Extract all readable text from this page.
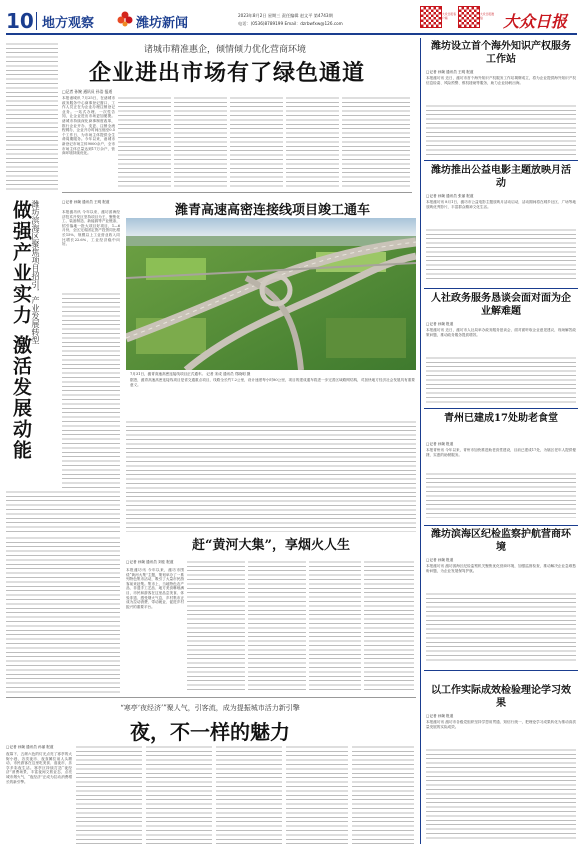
10 地方观察	潍坊新闻
2023年8月2日 星期三 责任编辑 赵文平 第4743期
电话：(0536)8789199 Email：dzrbwfxw@126.com
大众日报客户端
大众日报微信	大众日报
诸城市精准惠企，倾情倾力优化营商环境
企业进出市场有了绿色通道
□记者 孙婉 通讯员 孙浩 报道
本报诸城讯 7月25日，在诸城市政务服务中心商事登记窗口，工作人员正在为企业办理注销登记业务。一站式办理、一次性告知，让企业进出市场更加便捷。诸城市持续深化商事制度改革，推行企业开办、变更、注销全流程网办，企业开办时间压缩至0.5个工作日，为市场主体提供全生命周期服务。今年以来，诸城市新登记市场主体9000余户，全市市场主体总量达到17万余户，营商环境持续优化。
潍坊滨海区聚焦项目招引，产业发展转型
做强产业实力 激活发展动能	□记者 孙婉 通讯员 王明 报道
本报潍坊讯 今年以来，潍坊滨海经济技术开发区坚持项目为王，聚焦化工、装备制造、新能源等产业链条，招引落地一批大项目好项目，1—6月份，全区完成固定资产投资同比增长15%，规模以上工业营业收入同比增长22.6%，工业经济稳中向好。
潍青高速高密连接线项目竣工通车
7月31日，潍青高速高密连接线项目正式通车。 记者 宋成 通讯员 郑晓明 摄
据悉，潍青高速高密连接线项目是省交通重点项目，线路全长约7.2公里，设计速度每小时80公里，项目的建成通车将进一步完善区域路网结构，对加快地方经济社会发展具有重要意义。
赶“黄河大集”，享烟火人生
□记者 孙婉 通讯员 刘佳 报道
本报潍坊讯 今年以来，潍坊市围绕“黄河大集”主题，策划举办了一系列特色集市活动，吸引了大量市民游客前来赶集。集市上，当地特色农产品、非遗手工艺品、地方美食琳琅满目，市民和游客在这里品尝美食、体验非遗、感受烟火气息，乡村集市正成为拉动消费、带动就业、促进乡村振兴的重要平台。
“寒亭‘夜经济’”聚人气，引客流，成为提振城市活力新引擎
夜，不一样的魅力
□记者 孙婉 通讯员 孙丽 报道
夜幕下，五颜六色的灯光点亮了寒亭的大街小巷，各类夜市、夜食摊位前人头攒动，市民游客在这里吃美食、逛夜市，乐享多彩夜生活。寒亭区持续打造“夜经济”消费场景，丰富夜间文旅业态，点亮城市烟火气，“夜经济”正成为拉动消费增长的新引擎。
潍坊设立首个海外知识产权服务工作站
□记者 孙婉 通讯员 王明 报道
本报潍坊讯 近日，潍坊市首个海外知识产权服务工作站揭牌成立，将为企业提供海外知识产权信息检索、风险预警、维权援助等服务，助力企业扬帆出海。
潍坊推出公益电影主题放映月活动
□记者 孙婉 通讯员 张丽 报道
本报潍坊讯 8月1日，潍坊市公益电影主题放映月活动启动，活动期间将在城乡社区、广场等地放映优秀影片，丰富群众精神文化生活。
人社政务服务恳谈会面对面为企业解难题
□记者 孙婉 报道
本报潍坊讯 近日，潍坊市人社局举办政务服务恳谈会，面对面听取企业意见建议，现场解答政策问题，推动政务服务提质增效。
青州已建成17处助老食堂
□记者 孙婉 报道
本报青州讯 今年以来，青州市加快推进助老食堂建设，目前已建成17处，为辖区老年人提供便捷、实惠的助餐服务。
潍坊滨海区纪检监察护航营商环境
□记者 孙婉 报道
本报潍坊讯 潍坊滨海区纪检监察机关聚焦优化营商环境，加强监督检查，推动解决企业急难愁盼问题，为企业发展保驾护航。
以工作实际成效检验理论学习效果
□记者 孙婉 报道
本报潍坊讯 潍坊市各级党组织坚持学思用贯通、知信行统一，把理论学习成果转化为推动高质量发展的实际成效。
